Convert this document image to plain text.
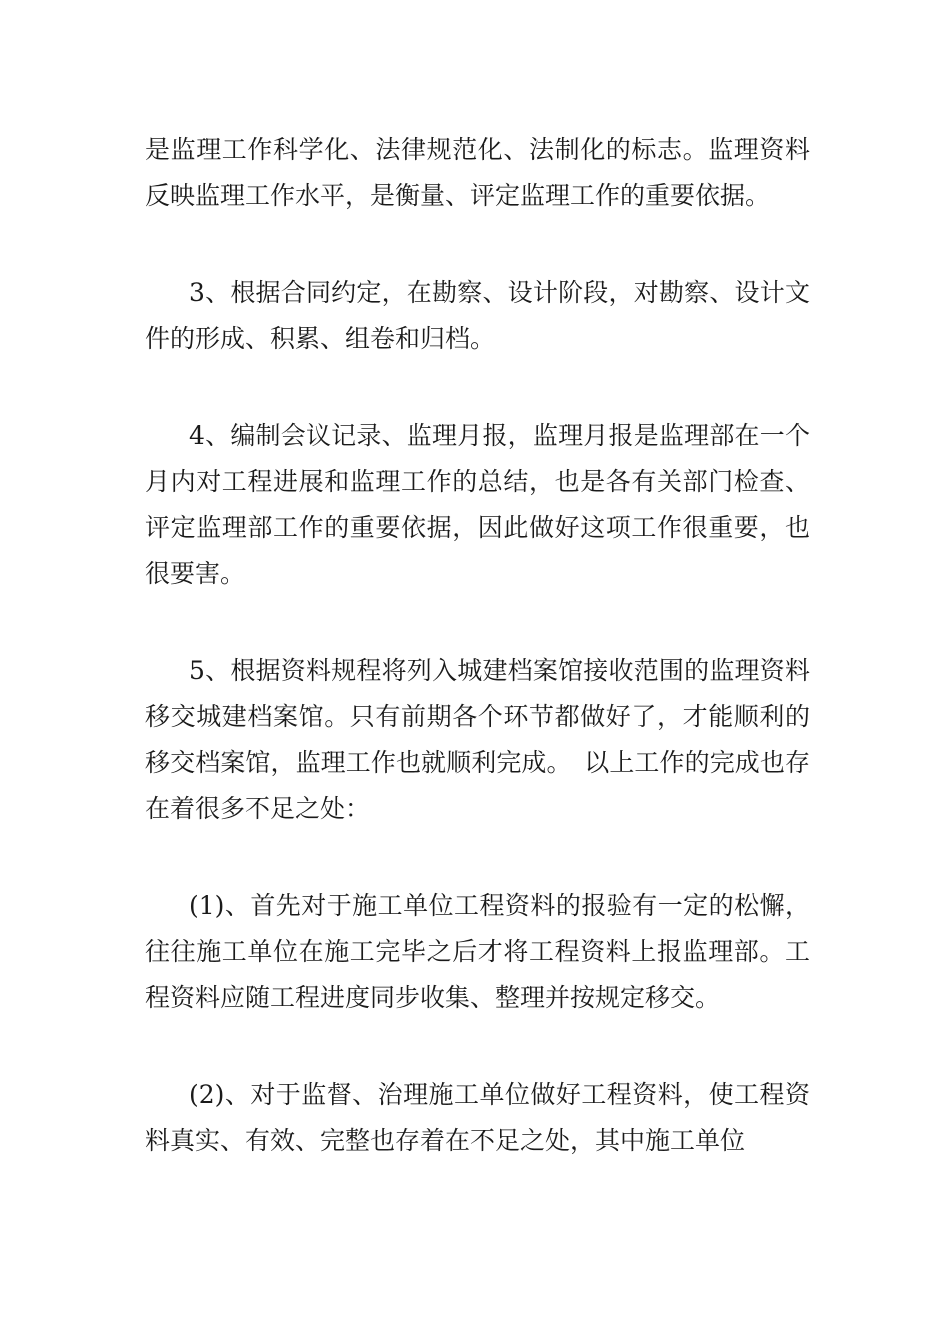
是监理工作科学化、法律规范化、法制化的标志。监理资料反映监理工作水平，是衡量、评定监理工作的重要依据。

3、根据合同约定，在勘察、设计阶段，对勘察、设计文件的形成、积累、组卷和归档。

4、编制会议记录、监理月报，监理月报是监理部在一个月内对工程进展和监理工作的总结，也是各有关部门检查、评定监理部工作的重要依据，因此做好这项工作很重要，也很要害。

5、根据资料规程将列入城建档案馆接收范围的监理资料移交城建档案馆。只有前期各个环节都做好了，才能顺利的移交档案馆，监理工作也就顺利完成。　以上工作的完成也存在着很多不足之处：

(1)、首先对于施工单位工程资料的报验有一定的松懈，往往施工单位在施工完毕之后才将工程资料上报监理部。工程资料应随工程进度同步收集、整理并按规定移交。

(2)、对于监督、治理施工单位做好工程资料，使工程资料真实、有效、完整也存着在不足之处，其中施工单位
